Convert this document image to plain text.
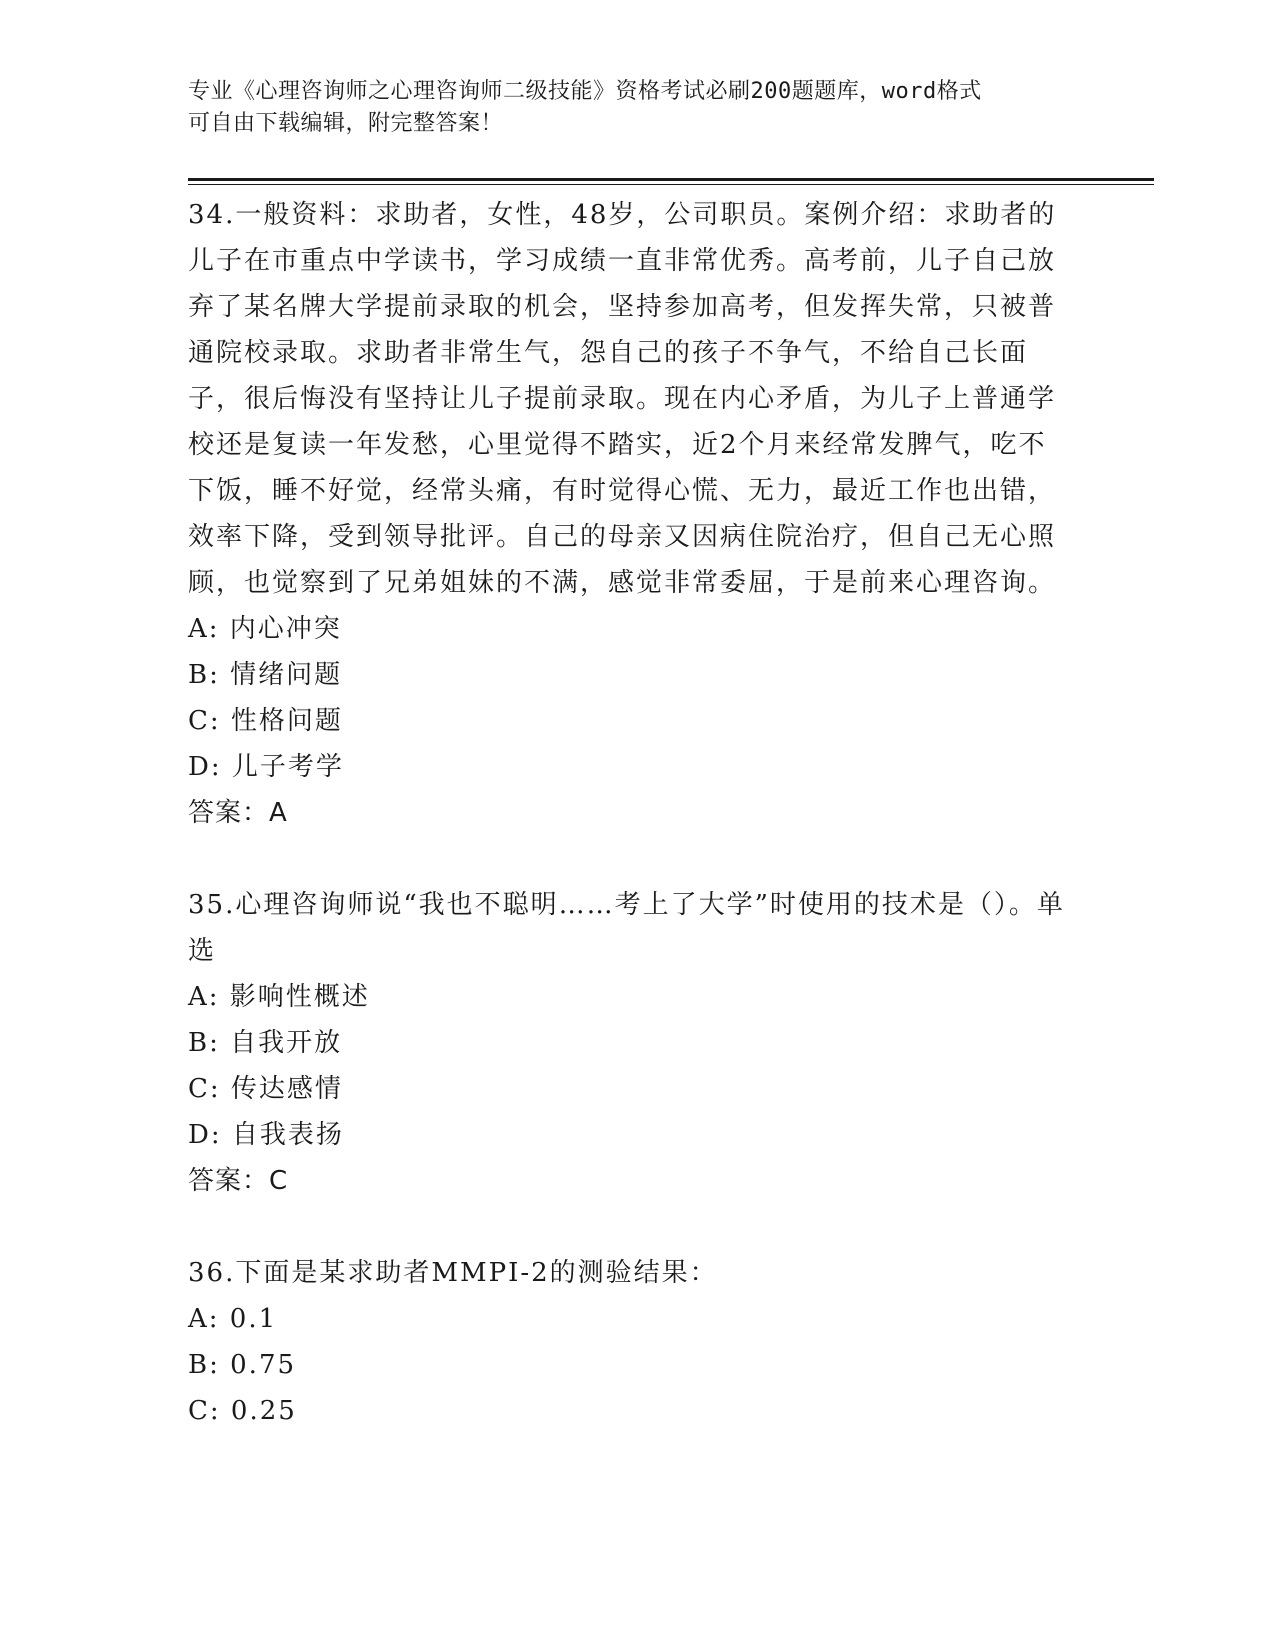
专业《心理咨询师之心理咨询师二级技能》资格考试必刷200题题库，word格式
可自由下载编辑，附完整答案！

34.一般资料：求助者，女性，48岁，公司职员。案例介绍：求助者的儿子在市重点中学读书，学习成绩一直非常优秀。高考前，儿子自己放弃了某名牌大学提前录取的机会，坚持参加高考，但发挥失常，只被普通院校录取。求助者非常生气，怨自己的孩子不争气，不给自己长面子，很后悔没有坚持让儿子提前录取。现在内心矛盾，为儿子上普通学校还是复读一年发愁，心里觉得不踏实，近2个月来经常发脾气，吃不下饭，睡不好觉，经常头痛，有时觉得心慌、无力，最近工作也出错，效率下降，受到领导批评。自己的母亲又因病住院治疗，但自己无心照顾，也觉察到了兄弟姐妹的不满，感觉非常委屈，于是前来心理咨询。

A: 内心冲突

B: 情绪问题

C: 性格问题

D: 儿子考学

答案：A

35.心理咨询师说“我也不聪明……考上了大学”时使用的技术是（）。单选

A: 影响性概述

B: 自我开放

C: 传达感情

D: 自我表扬

答案：C

36.下面是某求助者MMPI-2的测验结果：

A: 0.1

B: 0.75

C: 0.25
